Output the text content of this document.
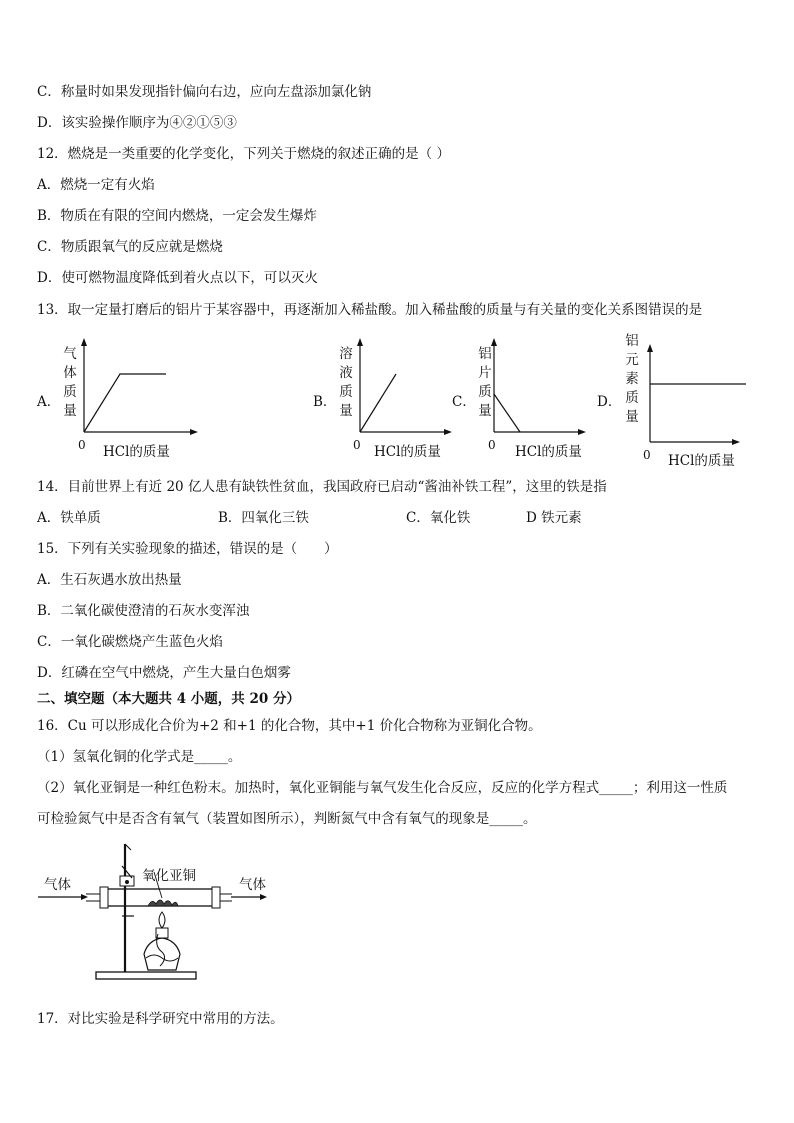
C．称量时如果发现指针偏向右边，应向左盘添加氯化钠
D．该实验操作顺序为④②①⑤③
12．燃烧是一类重要的化学变化，下列关于燃烧的叙述正确的是（ ）
A．燃烧一定有火焰
B．物质在有限的空间内燃烧，一定会发生爆炸
C．物质跟氧气的反应就是燃烧
D．使可燃物温度降低到着火点以下，可以灭火
13．取一定量打磨后的铝片于某容器中，再逐渐加入稀盐酸。加入稀盐酸的质量与有关量的变化关系图错误的是
A．
气
体
质
量
0 HCl的质量
B．
溶
液
质
量
0 HCl的质量
C．
铝
片
质
量
0 HCl的质量
D．
铝
元
素
质
量
0 HCl的质量
14．目前世界上有近 20 亿人患有缺铁性贫血，我国政府已启动“酱油补铁工程”，这里的铁是指
A．铁单质	B．四氧化三铁	C．氧化铁	D 铁元素
15．下列有关实验现象的描述，错误的是（　　）
A．生石灰遇水放出热量
B．二氧化碳使澄清的石灰水变浑浊
C．一氧化碳燃烧产生蓝色火焰
D．红磷在空气中燃烧，产生大量白色烟雾
二、填空题（本大题共 4 小题，共 20 分）
16．Cu 可以形成化合价为+2 和+1 的化合物，其中+1 价化合物称为亚铜化合物。
（1）氢氧化铜的化学式是_____。
（2）氧化亚铜是一种红色粉末。加热时，氧化亚铜能与氧气发生化合反应，反应的化学方程式_____；利用这一性质
可检验氮气中是否含有氧气（装置如图所示），判断氮气中含有氧气的现象是_____。
气体
氧化亚铜
气体
17．对比实验是科学研究中常用的方法。
